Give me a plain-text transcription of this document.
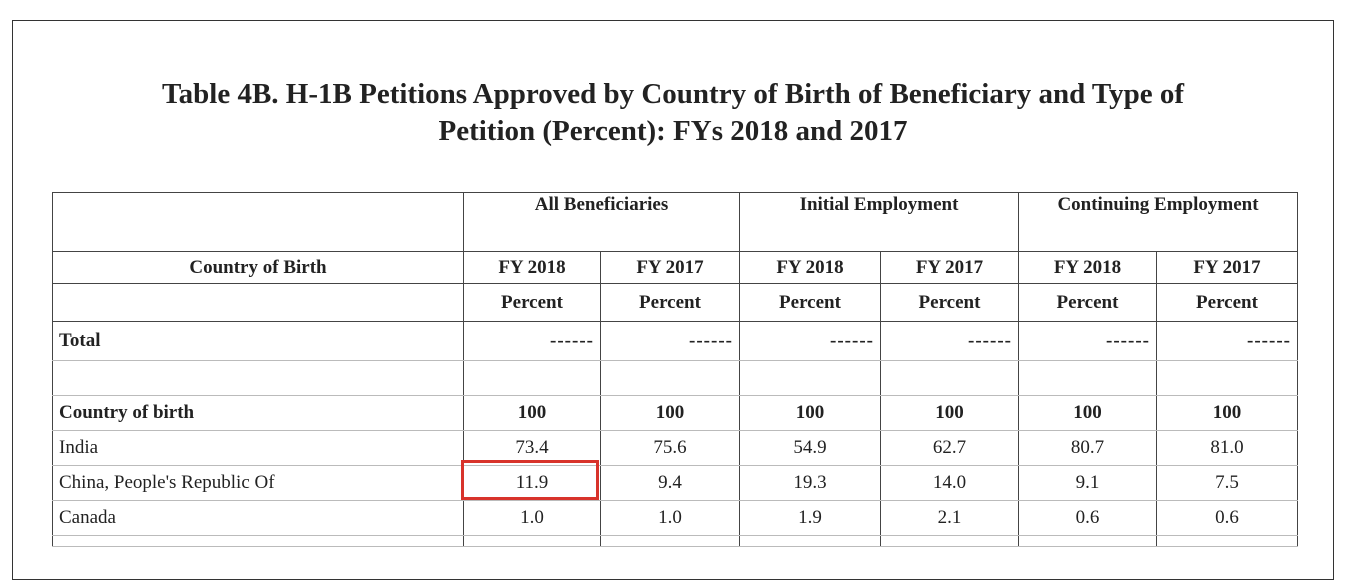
Table 4B. H-1B Petitions Approved by Country of Birth of Beneficiary and Type of
Petition (Percent): FYs 2018 and 2017
	All Beneficiaries		Initial Employment		Continuing Employment	
Country of Birth	FY 2018	FY 2017	FY 2018	FY 2017	FY 2018	FY 2017
	Percent	Percent	Percent	Percent	Percent	Percent
Total	------	------	------	------	------	------

Country of birth	100	100	100	100	100	100
India	73.4	75.6	54.9	62.7	80.7	81.0
China, People's Republic Of	11.9	9.4	19.3	14.0	9.1	7.5
Canada	1.0	1.0	1.9	2.1	0.6	0.6
